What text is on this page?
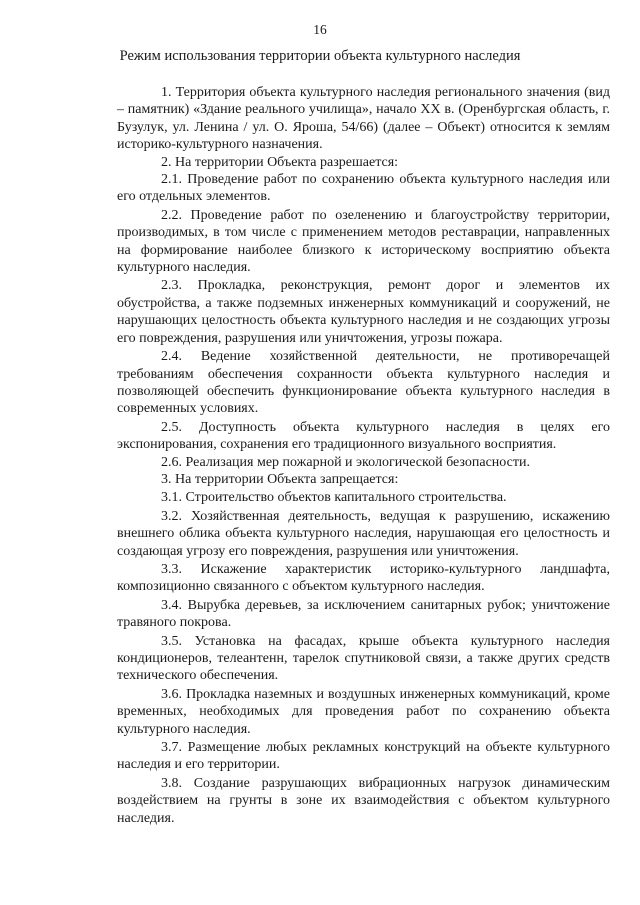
16
Режим использования территории объекта культурного наследия

1. Территория объекта культурного наследия регионального значения (вид – памятник) «Здание реального училища», начало XX в. (Оренбургская область, г. Бузулук, ул. Ленина / ул. О. Яроша, 54/66) (далее – Объект) относится к землям историко-культурного назначения.

2. На территории Объекта разрешается:

2.1. Проведение работ по сохранению объекта культурного наследия или его отдельных элементов.

2.2. Проведение работ по озеленению и благоустройству территории, производимых, в том числе с применением методов реставрации, направленных на формирование наиболее близкого к историческому восприятию объекта культурного наследия.

2.3. Прокладка, реконструкция, ремонт дорог и элементов их обустройства, а также подземных инженерных коммуникаций и сооружений, не нарушающих целостность объекта культурного наследия и не создающих угрозы его повреждения, разрушения или уничтожения, угрозы пожара.

2.4. Ведение хозяйственной деятельности, не противоречащей требованиям обеспечения сохранности объекта культурного наследия и позволяющей обеспечить функционирование объекта культурного наследия в современных условиях.

2.5. Доступность объекта культурного наследия в целях его экспонирования, сохранения его традиционного визуального восприятия.

2.6. Реализация мер пожарной и экологической безопасности.

3. На территории Объекта запрещается:

3.1. Строительство объектов капитального строительства.

3.2. Хозяйственная деятельность, ведущая к разрушению, искажению внешнего облика объекта культурного наследия, нарушающая его целостность и создающая угрозу его повреждения, разрушения или уничтожения.

3.3. Искажение характеристик историко-культурного ландшафта, композиционно связанного с объектом культурного наследия.

3.4. Вырубка деревьев, за исключением санитарных рубок; уничтожение травяного покрова.

3.5. Установка на фасадах, крыше объекта культурного наследия кондиционеров, телеантенн, тарелок спутниковой связи, а также других средств технического обеспечения.

3.6. Прокладка наземных и воздушных инженерных коммуникаций, кроме временных, необходимых для проведения работ по сохранению объекта культурного наследия.

3.7. Размещение любых рекламных конструкций на объекте культурного наследия и его территории.

3.8. Создание разрушающих вибрационных нагрузок динамическим воздействием на грунты в зоне их взаимодействия с объектом культурного наследия.
